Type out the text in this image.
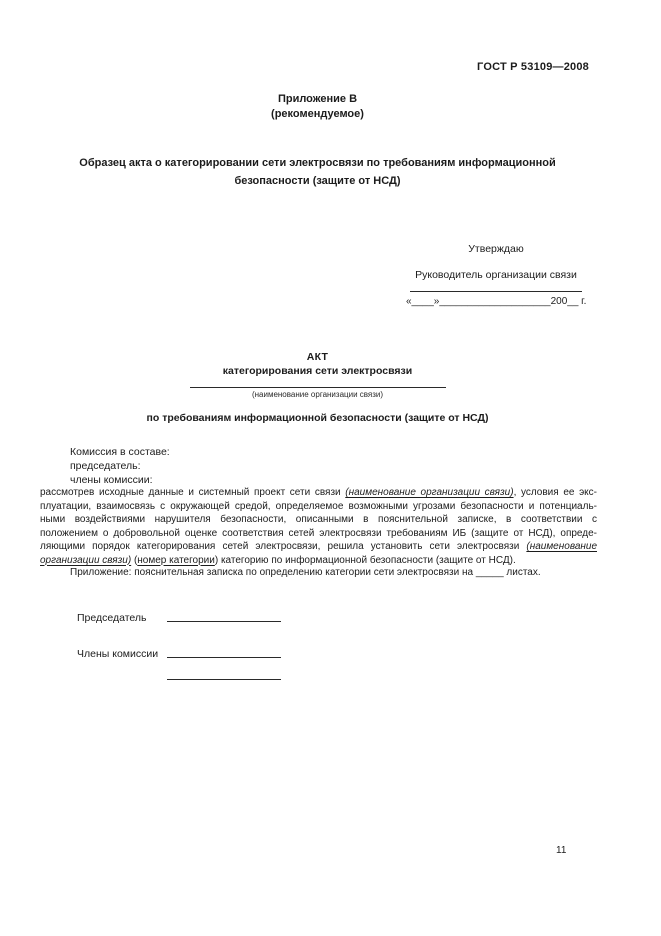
ГОСТ Р 53109—2008
Приложение В
(рекомендуемое)
Образец акта о категорировании сети электросвязи по требованиям информационной
безопасности (защите от НСД)
Утверждаю
Руководитель организации связи
«____»____________________200__ г.
АКТ
категорирования сети электросвязи
(наименование организации связи)
по требованиям информационной безопасности (защите от НСД)
Комиссия в составе:
председатель:
члены комиссии:
рассмотрев исходные данные и системный проект сети связи (наименование организации связи), условия ее экс-
плуатации, взаимосвязь с окружающей средой, определяемое возможными угрозами безопасности и потенциаль-
ными воздействиями нарушителя безопасности, описанными в пояснительной записке, в соответствии с
положением о добровольной оценке соответствия сетей электросвязи требованиям ИБ (защите от НСД), опреде-
ляющими порядок категорирования сетей электросвязи, решила установить сети электросвязи (наименование
организации связи) (номер категории) категорию по информационной безопасности (защите от НСД).
Приложение: пояснительная записка по определению категории сети электросвязи на _____ листах.
Председатель
Члены комиссии
11
